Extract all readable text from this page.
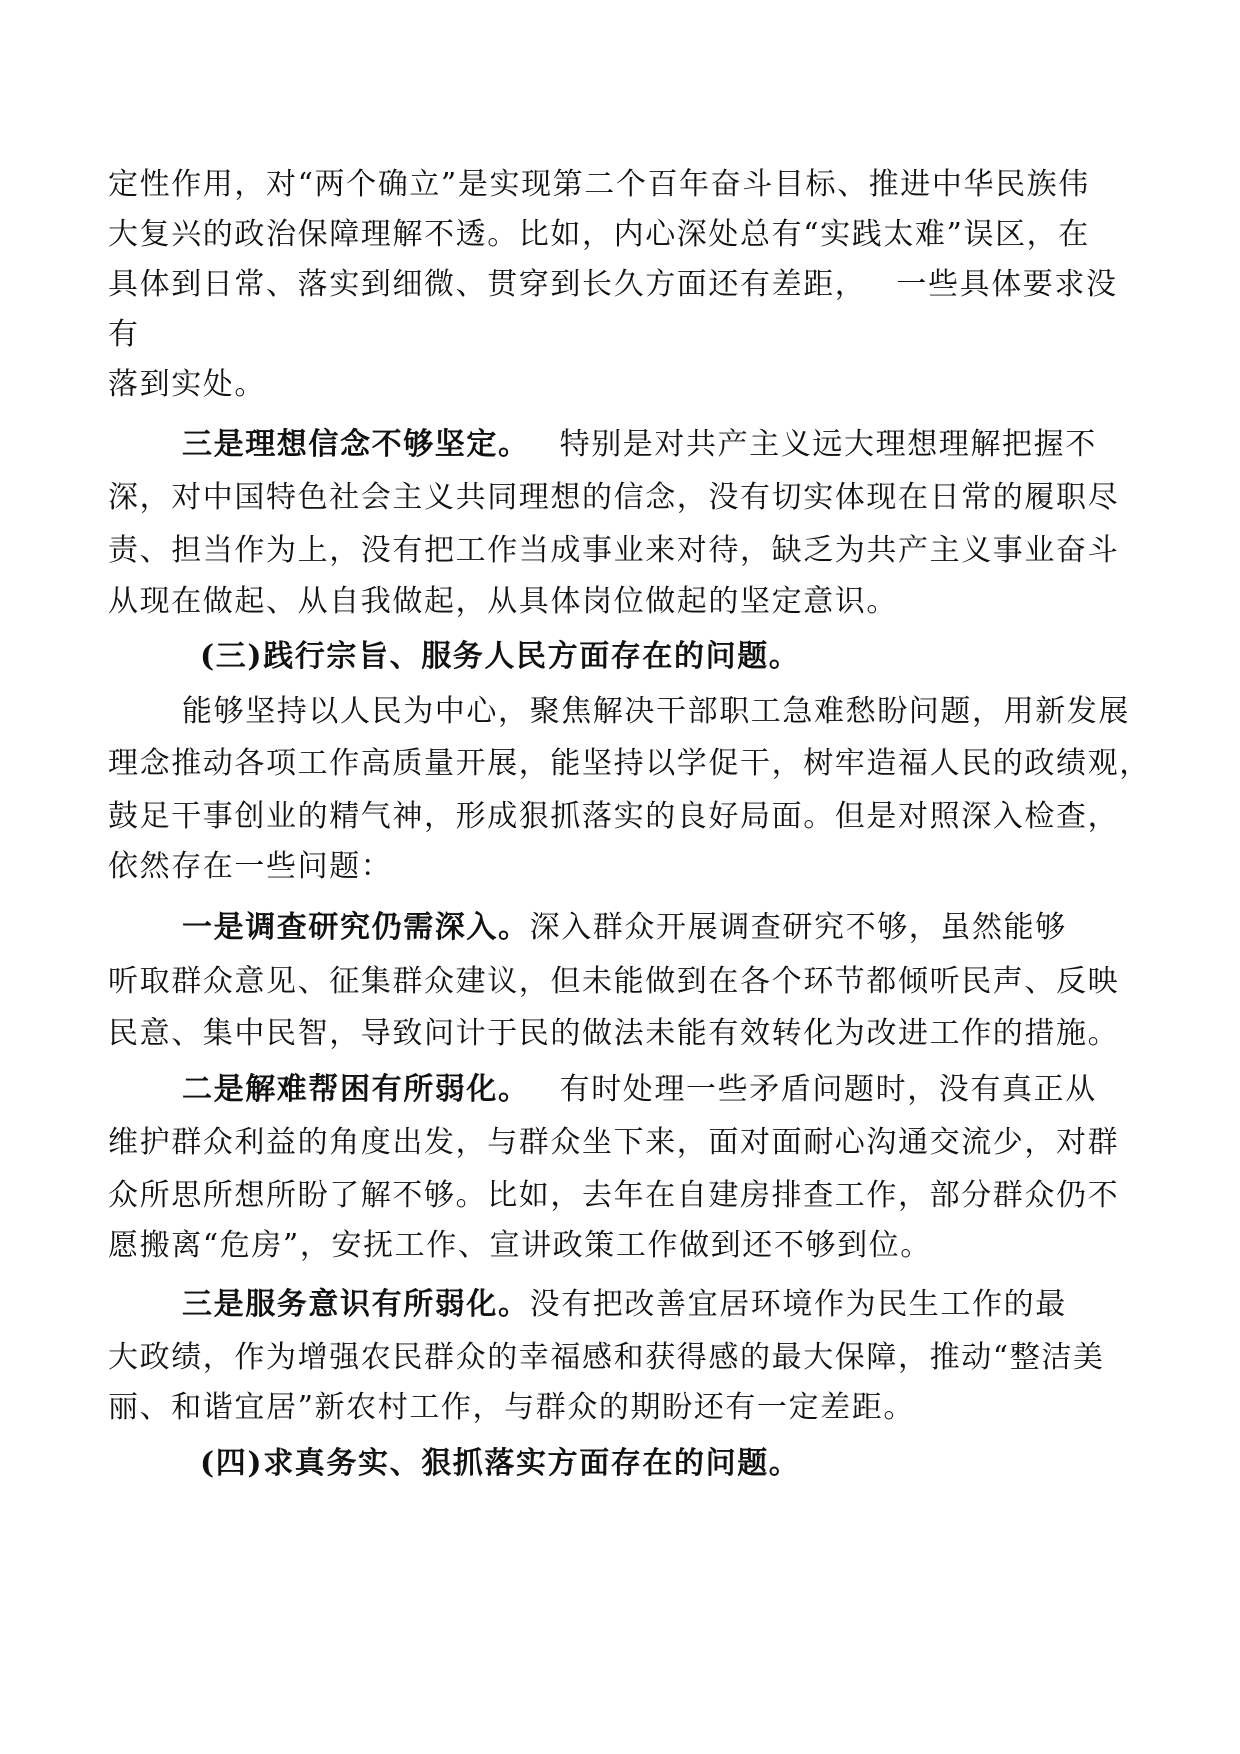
定性作用，对“两个确立”是实现第二个百年奋斗目标、推进中华民族伟
大复兴的政治保障理解不透。比如，内心深处总有“实践太难”误区，在
具体到日常、落实到细微、贯穿到长久方面还有差距， 一些具体要求没
有
落到实处。
三是理想信念不够坚定。 特别是对共产主义远大理想理解把握不
深，对中国特色社会主义共同理想的信念，没有切实体现在日常的履职尽
责、担当作为上，没有把工作当成事业来对待，缺乏为共产主义事业奋斗
从现在做起、从自我做起，从具体岗位做起的坚定意识。
(三)践行宗旨、服务人民方面存在的问题。
能够坚持以人民为中心，聚焦解决干部职工急难愁盼问题，用新发展
理念推动各项工作高质量开展，能坚持以学促干，树牢造福人民的政绩观，
鼓足干事创业的精气神，形成狠抓落实的良好局面。但是对照深入检查，
依然存在一些问题：
一是调查研究仍需深入。深入群众开展调查研究不够，虽然能够
听取群众意见、征集群众建议，但未能做到在各个环节都倾听民声、反映
民意、集中民智，导致问计于民的做法未能有效转化为改进工作的措施。
二是解难帮困有所弱化。 有时处理一些矛盾问题时，没有真正从
维护群众利益的角度出发，与群众坐下来，面对面耐心沟通交流少，对群
众所思所想所盼了解不够。比如，去年在自建房排查工作，部分群众仍不
愿搬离“危房”，安抚工作、宣讲政策工作做到还不够到位。
三是服务意识有所弱化。没有把改善宜居环境作为民生工作的最
大政绩，作为增强农民群众的幸福感和获得感的最大保障，推动“整洁美
丽、和谐宜居”新农村工作，与群众的期盼还有一定差距。
(四)求真务实、狠抓落实方面存在的问题。
